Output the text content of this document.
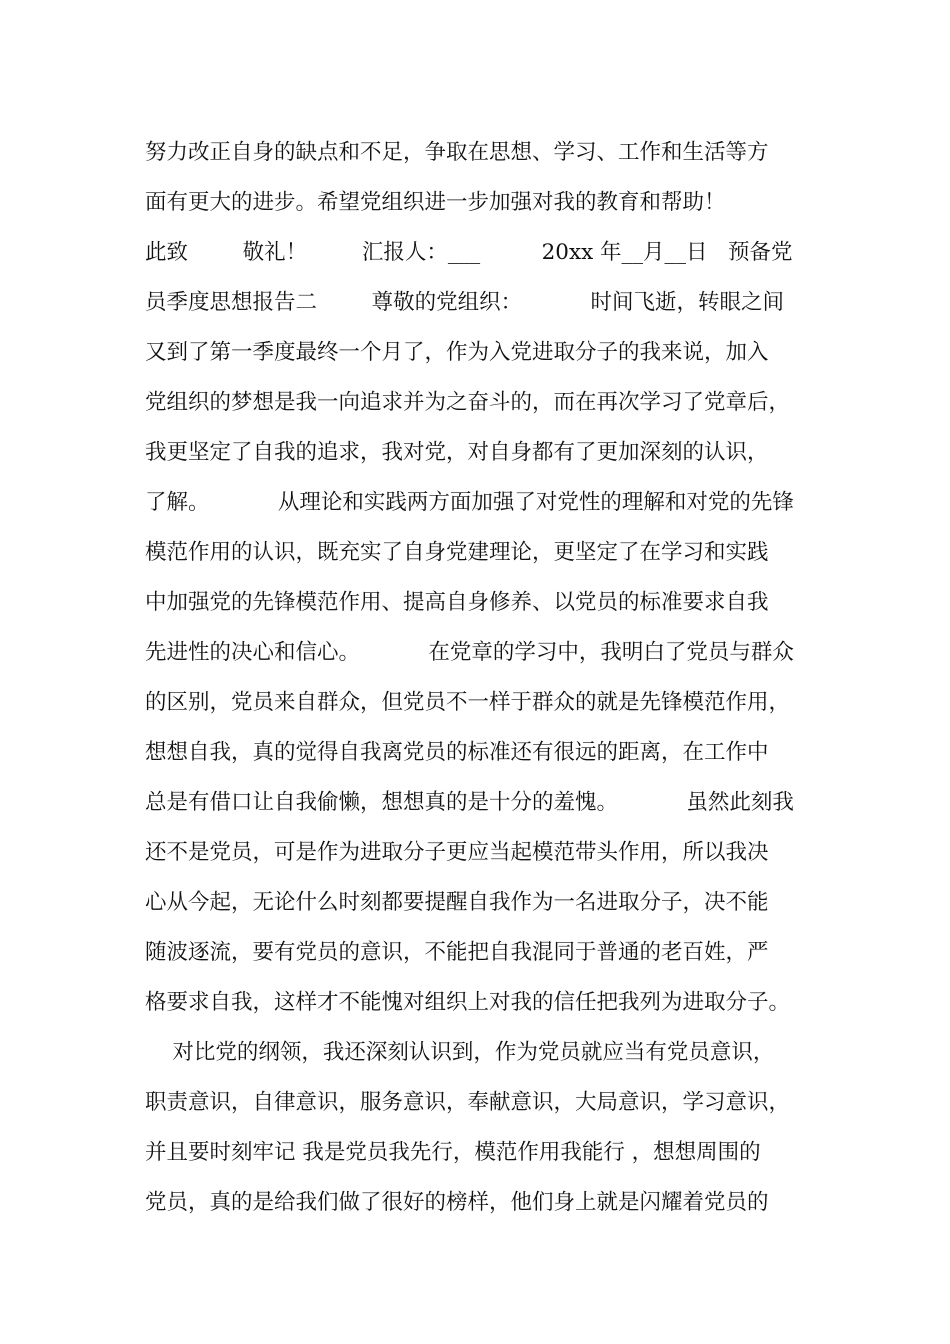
努力改正自身的缺点和不足，争取在思想、学习、工作和生活等方
面有更大的进步。希望党组织进一步加强对我的教育和帮助！
此致        敬礼！        汇报人：___         20xx 年__月__日   预备党
员季度思想报告二        尊敬的党组织：          时间飞逝，转眼之间
又到了第一季度最终一个月了，作为入党进取分子的我来说，加入
党组织的梦想是我一向追求并为之奋斗的，而在再次学习了党章后，
我更坚定了自我的追求，我对党，对自身都有了更加深刻的认识，
了解。          从理论和实践两方面加强了对党性的理解和对党的先锋
模范作用的认识，既充实了自身党建理论，更坚定了在学习和实践
中加强党的先锋模范作用、提高自身修养、以党员的标准要求自我
先进性的决心和信心。          在党章的学习中，我明白了党员与群众
的区别，党员来自群众，但党员不一样于群众的就是先锋模范作用，
想想自我，真的觉得自我离党员的标准还有很远的距离，在工作中
总是有借口让自我偷懒，想想真的是十分的羞愧。          虽然此刻我
还不是党员，可是作为进取分子更应当起模范带头作用，所以我决
心从今起，无论什么时刻都要提醒自我作为一名进取分子，决不能
随波逐流，要有党员的意识，不能把自我混同于普通的老百姓，严
格要求自我，这样才不能愧对组织上对我的信任把我列为进取分子。
对比党的纲领，我还深刻认识到，作为党员就应当有党员意识，
职责意识，自律意识，服务意识，奉献意识，大局意识，学习意识，
并且要时刻牢记 我是党员我先行，模范作用我能行 ，想想周围的
党员，真的是给我们做了很好的榜样，他们身上就是闪耀着党员的
